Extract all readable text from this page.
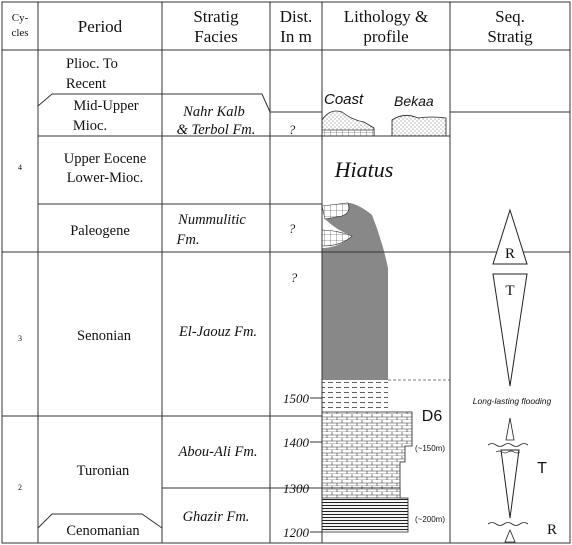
Cy-
cles	Period
Stratig
Facies
Dist.
In m
Lithology &
profile
Seq.
Stratig
4
3
2
Plioc. To
Recent
Mid-Upper
Mioc.
Upper Eocene
Lower-Mioc.
Paleogene
Senonian
Turonian
Cenomanian
Nahr Kalb
& Terbol Fm.
Nummulitic
Fm.
El-Jaouz Fm.
Abou-Ali Fm.
Ghazir Fm.
?
?
?
1500
1400
1300
1200
Coast Bekaa
Hiatus
D6
(~150m)
(~200m)
R
T
Long-lasting flooding
T
R
